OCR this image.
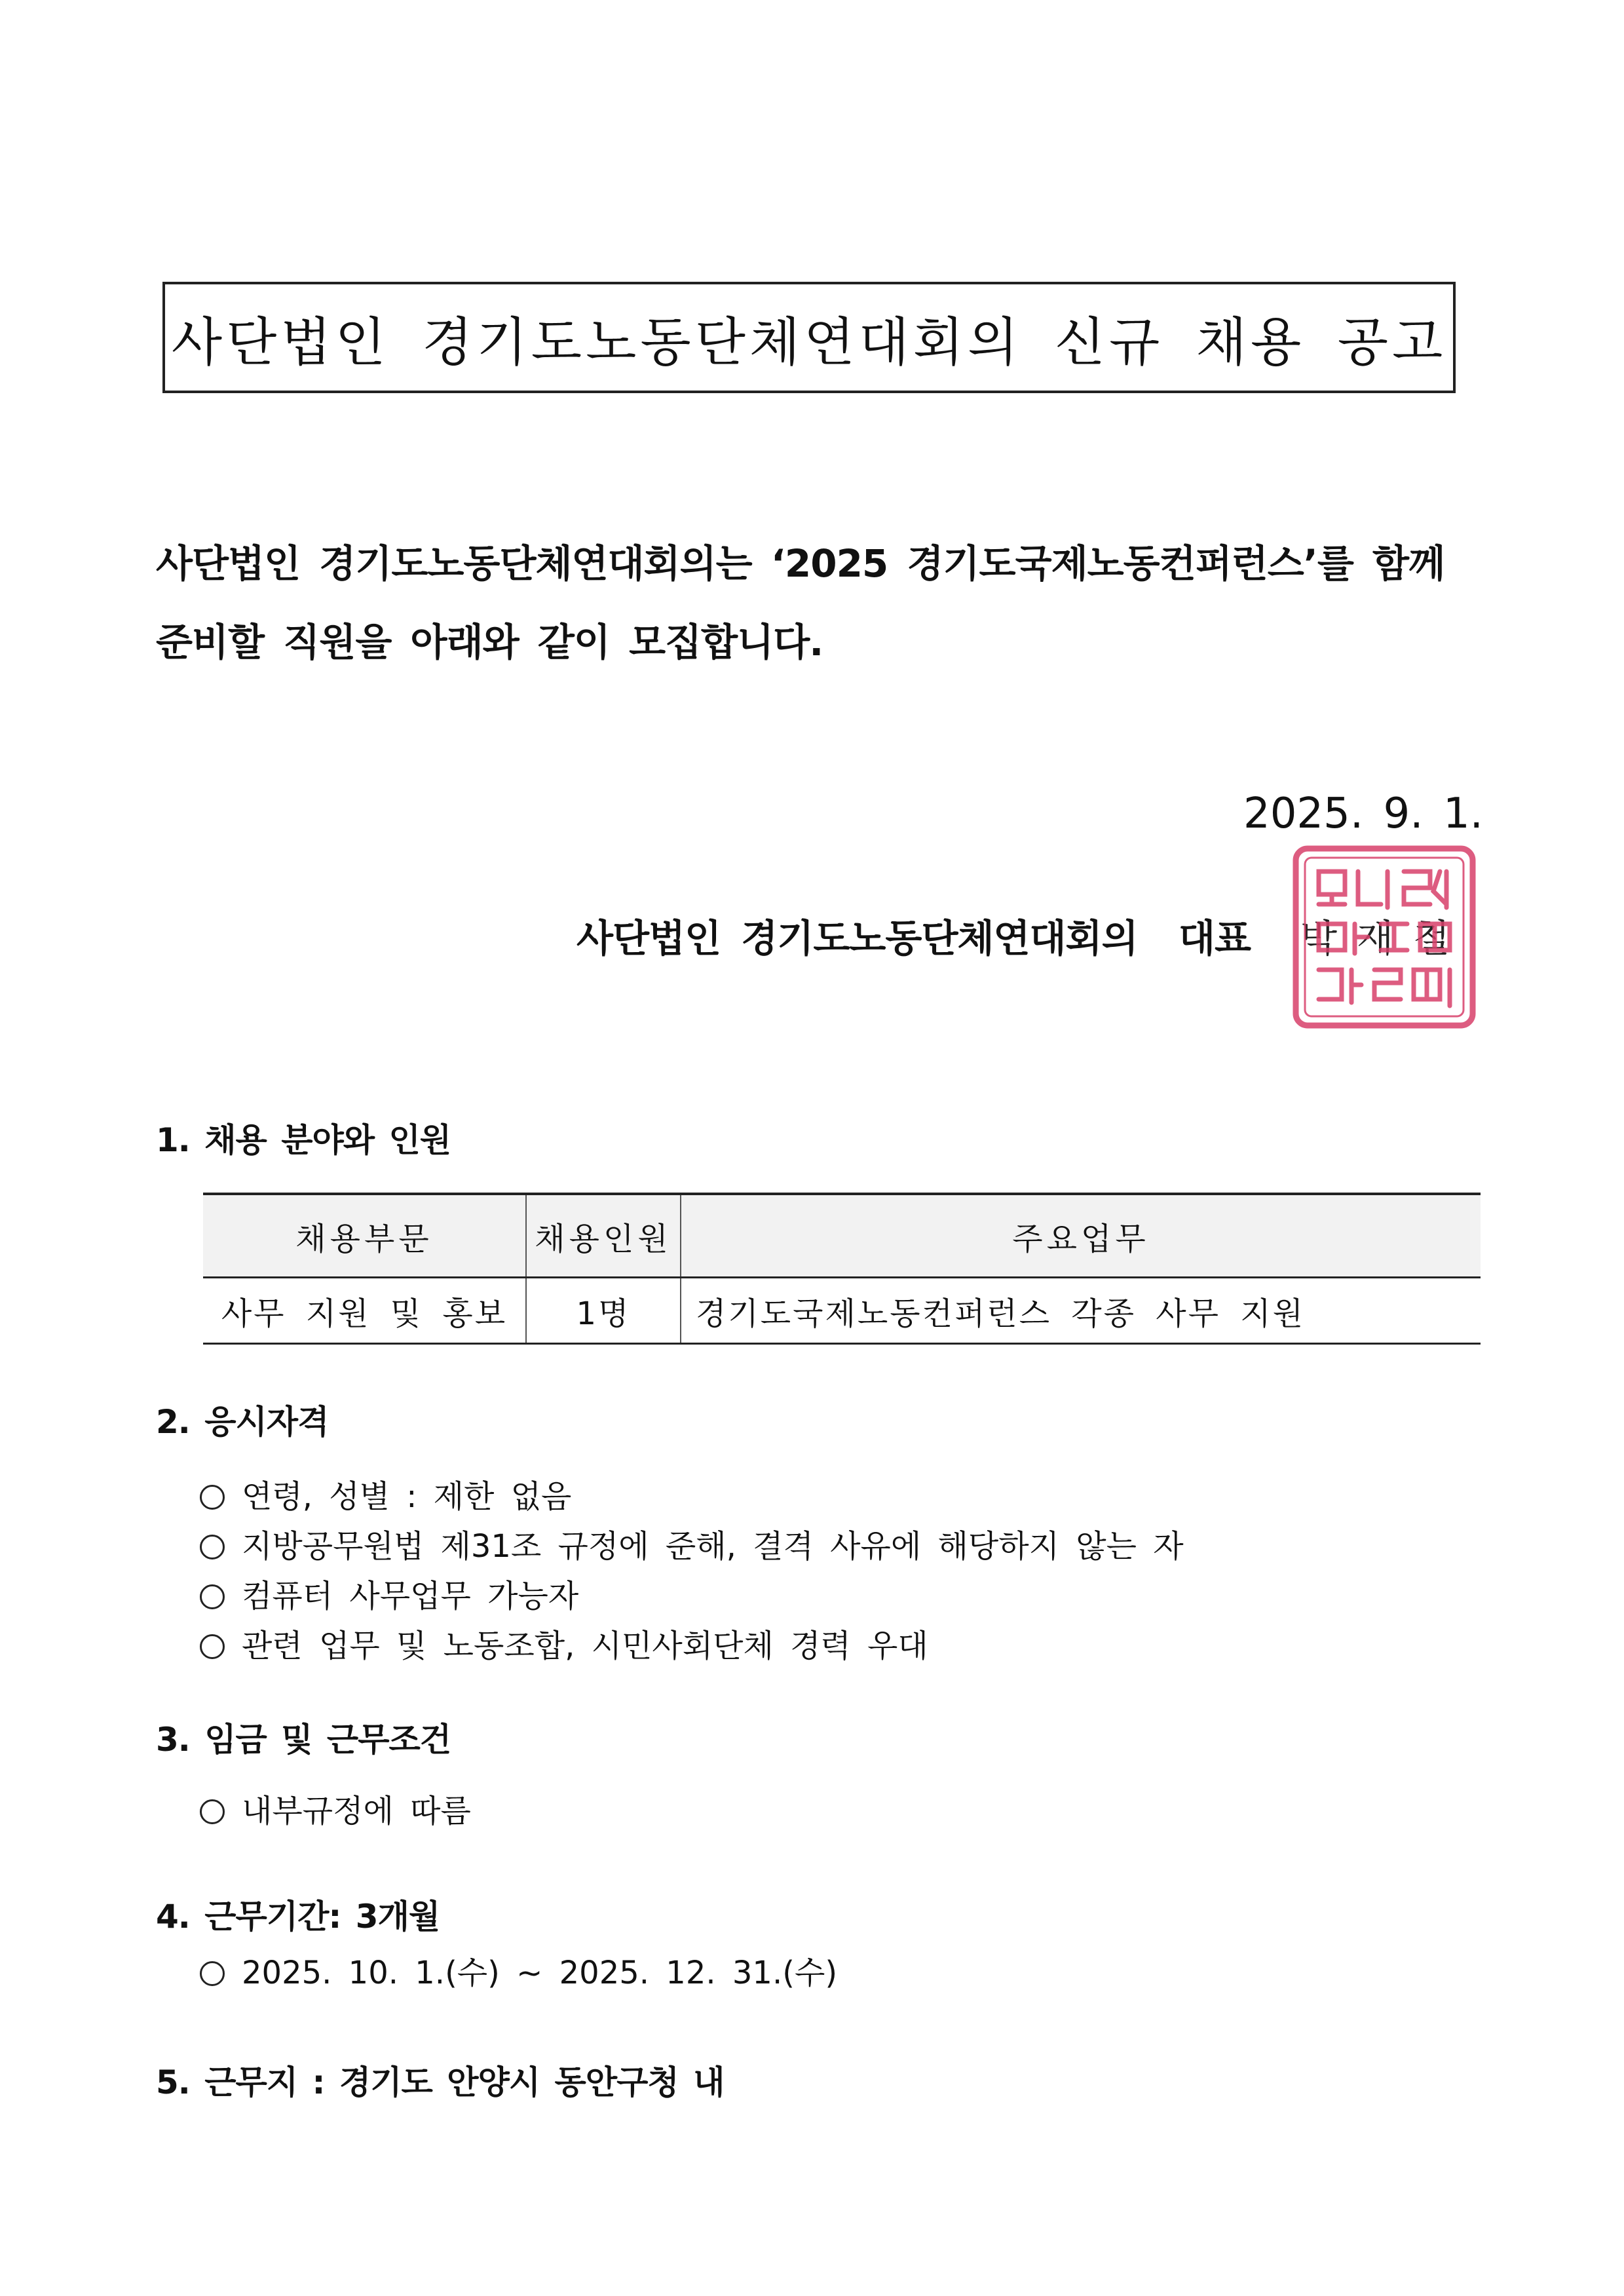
사단법인 경기도노동단체연대회의 신규 채용 공고
사단법인 경기도노동단체연대회의는 ‘2025 경기도국제노동컨퍼런스’를 함께
준비할 직원을 아래와 같이 모집합니다.
2025. 9. 1.
사단법인 경기도노동단체연대회의  대표 박재철
1. 채용 분야와 인원
채용부문	채용인원	주요업무
사무 지원 및 홍보	1명	경기도국제노동컨퍼런스 각종 사무 지원
2. 응시자격
연령, 성별 : 제한 없음
지방공무원법 제31조 규정에 준해, 결격 사유에 해당하지 않는 자
컴퓨터 사무업무 가능자
관련 업무 및 노동조합, 시민사회단체 경력 우대
3. 임금 및 근무조건
내부규정에 따름
4. 근무기간: 3개월
2025. 10. 1.(수) ~ 2025. 12. 31.(수)
5. 근무지 : 경기도 안양시 동안구청 내
